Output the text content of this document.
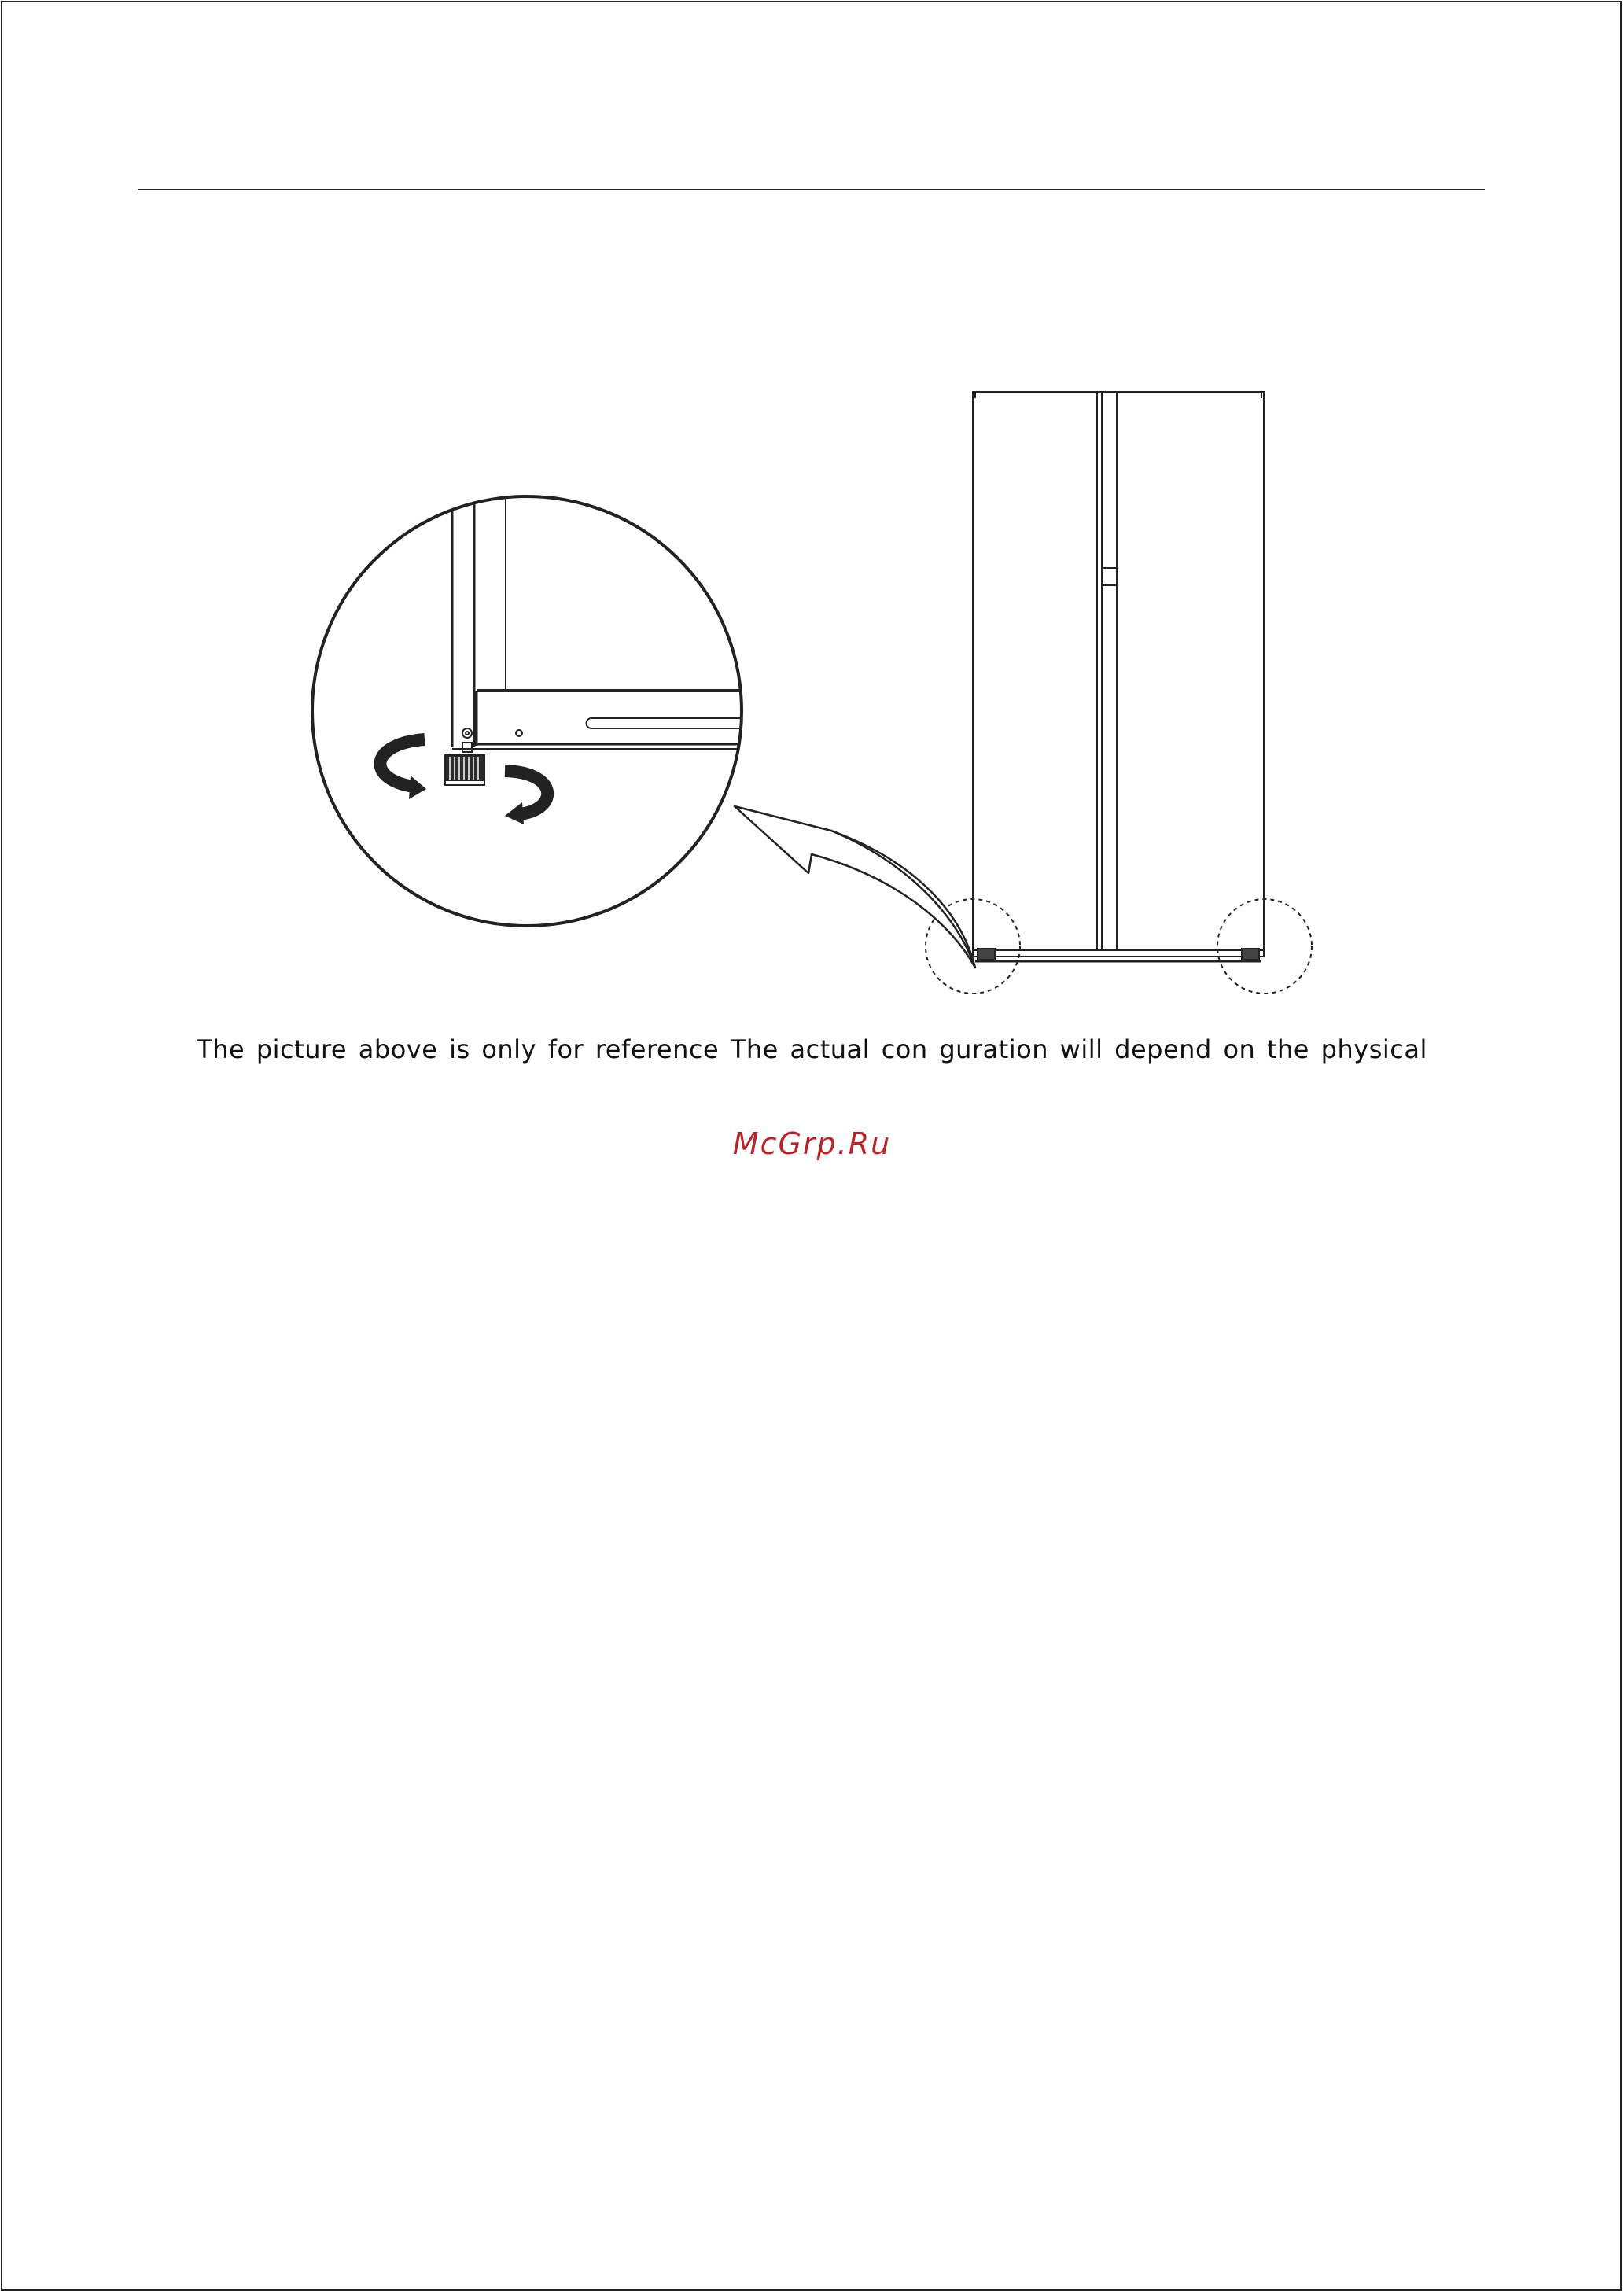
The picture above is only for reference The actual con guration will depend on the physical
McGrp.Ru
